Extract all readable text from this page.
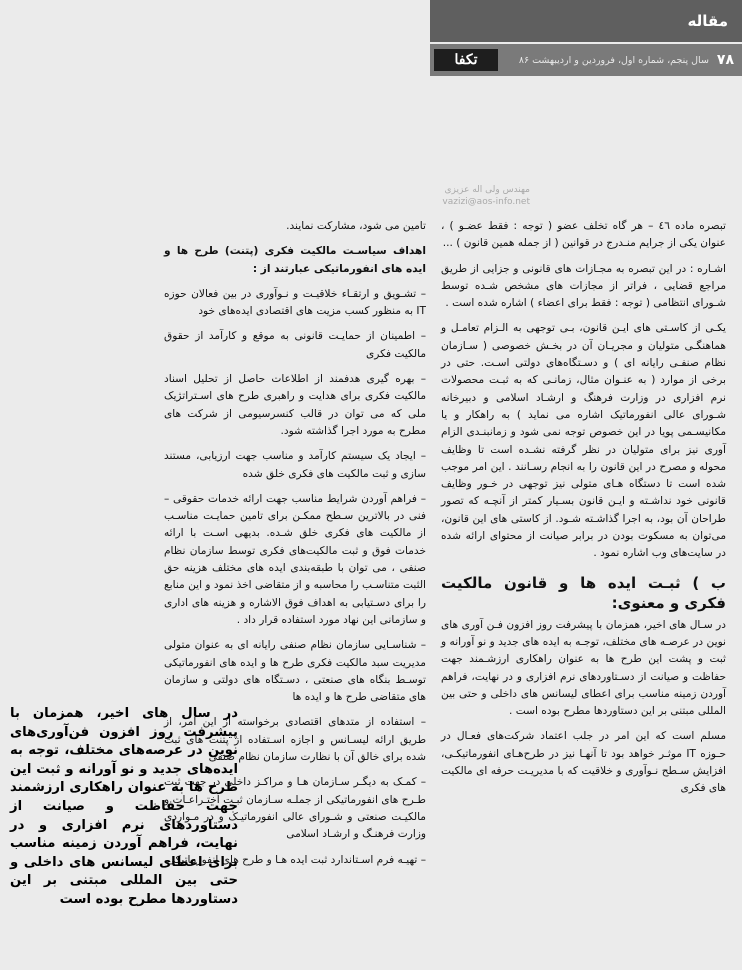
مقاله
۷۸
سال پنجم، شماره اول، فروردین و اردیبهشت ۸۶
تکفا
مهندس ولی اله عزیزی
vazizi@aos-info.net

تبصره ماده ٤٦ – هر گاه تخلف عضو ( توجه : فقط عضـو ) ، عنوان یکی از جرایم منـدرج در قوانین ( از جمله همین قانون ) ...

اشـاره : در این تبصره به مجـازات های قانونی و جزایی از طریق مراجع قضایی ، فراتر از مجازات های مشخص شـده توسط شـورای انتظامی ( توجه : فقط برای اعضاء ) اشاره شده است .

یکـی از کاسـتی های ایـن قانون، بـی توجهی به الـزام تعامـل و هماهنگـی متولیان و مجریـان آن در بخـش خصوصی ( سـازمان نظام صنفـی رایانه ای ) و دسـتگاه‌های دولتی اسـت. حتی در برخی از موارد ( به عنـوان مثال، زمانـی که به ثبـت محصولات نرم افزاری در وزارت فرهنگ و ارشـاد اسلامی و دبیرخانه شـورای عالی انفورماتیک اشاره می نماید ) به راهکار و یا مکانیسـمی پویا در این خصوص توجه نمی شود و زمانبنـدی الزام آوری نیز برای متولیان در نظر گرفته نشـده است تا وظایف محوله و مصرح در این قانون را به انجام رسـانند . این امر موجب شده است تا دستگاه هـای متولی نیز توجهی در خـور وظایف قانونی خود نداشـته و ایـن قانون بسـیار کمتر از آنچـه که تصور طراحان آن بود، به اجرا گذاشـته شـود. از کاستی های این قانون، می‌توان به مسکوت بودن در برابر صیانت از محتوای ارائه شده در سایت‌های وب اشاره نمود .

ب ) ثبـت ایده ها و قانون مالکیت فکری و معنوی:

در سـال های اخیر، همزمان با پیشرفت روز افزون فـن آوری های نوین در عرصـه های مختلف، توجـه به ایده های جدید و نو آورانه و ثبت و پشت این طرح ها به عنوان راهکاری ارزشـمند جهت حفاظت و صیانت از دسـتاوردهای نرم افزاری و در نهایت، فراهم آوردن زمینه مناسب برای اعطای لیسانس های داخلی و حتی بین المللی مبتنی بر این دستاوردها مطرح بوده است .

مسلم است که این امر در جلب اعتماد شرکت‌های فعـال در حـوزه IT موثـر خواهد بود تا آنهـا نیز در طرح‌هـای انفورماتیکـی، افزایش سـطح نـوآوری و خلاقیت که با مدیریـت حرفه ای مالکیت های فکری

تامین می شود، مشارکت نمایند.

اهداف سیاسـت مالکیت فکری (پتنت) طرح ها و ایده های انفورماتیکی عبارتند از :

– تشـویق و ارتقـاء خلاقیـت و نـوآوری در بین فعالان حوزه IT به منظور کسب مزیت های اقتصادی ایده‌های خود

– اطمینان از حمایـت قانونی به موقع و کارآمد از حقوق مالکیت فکری

– بهره گیری هدفمند از اطلاعات حاصل از تحلیل اسناد مالکیت فکری برای هدایت و راهبری طرح های اسـتراتژیک ملی که می توان در قالب کنسرسیومی از شرکت های مطرح به مورد اجرا گذاشته شود.

– ایجاد یک سیستم کارآمد و مناسب جهت ارزیابی، مستند سازی و ثبت مالکیت های فکری خلق شده

– فراهم آوردن شرایط مناسب جهت ارائه خدمات حقوقی – فنی در بالاترین سـطح ممکـن برای تامین حمایـت مناسـب از مالکیت های فکری خلق شـده. بدیهی اسـت با ارائه خدمات فوق و ثبت مالکیت‌های فکری توسط سازمان نظام صنفی ، می توان با طبقه‌بندی ایده های مختلف هزینه حق الثبت متناسـب را محاسبه و از متقاضی اخذ نمود و این منابع را برای دسـتیابی به اهداف فوق الاشاره و هزینه های اداری و سازمانی این نهاد مورد استفاده قرار داد .

– شناسـایی سازمان نظام صنفی رایانه ای به عنوان متولی مدیریت سبد مالکیت فکری طرح ها و ایده های انفورماتیکی توسـط بنگاه های صنعتی ، دسـتگاه های دولتی و سازمان های متقاضی طرح ها و ایده ها

– استفاده از متدهای اقتصادی برخواسته از این امر، از طریق ارائه لیسـانس و اجازه اسـتفاده از پتنت های ثبت شده برای خالق آن با نظارت سازمان نظام صنفی

– کمـک به دیگـر سـازمان هـا و مراکـز داخلی در جهت ثبت طـرح های انفورماتیکی از جملـه سـازمان ثبـت اختـراعـات و مالکیـت صنعتی و شـورای عالی انفورماتیـک و در مـوارد‌ی وزارت فرهنـگ و ارشـاد اسلامی

– تهیـه فرم اسـتاندارد ثبت ایده هـا و طرح های انفورماتیکی

در سال های اخیر، همزمان با پیشرفت روز افزون فن‌آوری‌های نوین در عرصه‌های مختلف، توجه به ایده‌های جدید و نو آورانه و ثبت این طرح ها به عنوان راهکاری ارزشمند جهت حفاظت و صیانت از دستاوردهای نرم افزاری و در نهایت، فراهم آوردن زمینه مناسب برای اعطای لیسانس های داخلی و حتی بین المللی مبتنی بر این دستاوردها مطرح بوده است
